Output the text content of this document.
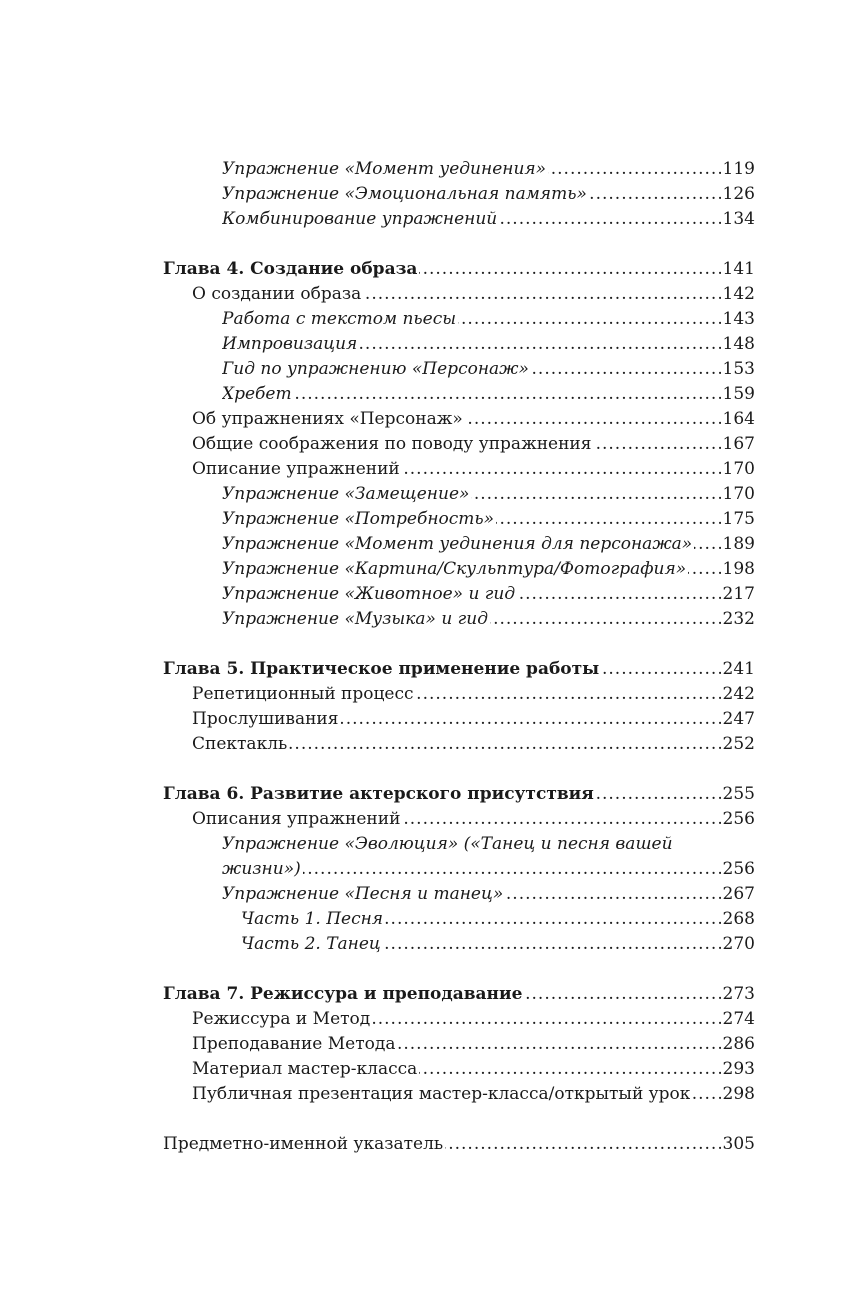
Упражнение «Момент уединения» . . .	119
Упражнение «Эмоциональная память» . . .	126
Комбинирование упражнений . . .	134
Глава 4. Создание образа . . .	141
О создании образа . . .	142
Работа с текстом пьесы . . .	143
Импровизация . . .	148
Гид по упражнению «Персонаж» . . .	153
Хребет . . .	159
Об упражнениях «Персонаж» . . .	164
Общие соображения по поводу упражнения . . .	167
Описание упражнений . . .	170
Упражнение «Замещение» . . .	170
Упражнение «Потребность» . . .	175
Упражнение «Момент уединения для персонажа» . . . 189
Упражнение «Картина/Скульптура/Фотография» . . . 198
Упражнение «Животное» и гид . . .	217
Упражнение «Музыка» и гид . . .	232
Глава 5. Практическое применение работы . . .	241
Репетиционный процесс . . .	242
Прослушивания . . .	247
Спектакль . . .	252
Глава 6. Развитие актерского присутствия . . .	255
Описания упражнений . . .	256
Упражнение «Эволюция» («Танец и песня вашей
жизни») . . .	256
Упражнение «Песня и танец» . . .	267
Часть 1. Песня . . .	268
Часть 2. Танец . . .	270
Глава 7. Режиссура и преподавание . . .	273
Режиссура и Метод . . .	274
Преподавание Метода . . .	286
Материал мастер-класса . . .	293
Публичная презентация мастер-класса/открытый урок . . . 298
Предметно-именной указатель . . .	305
